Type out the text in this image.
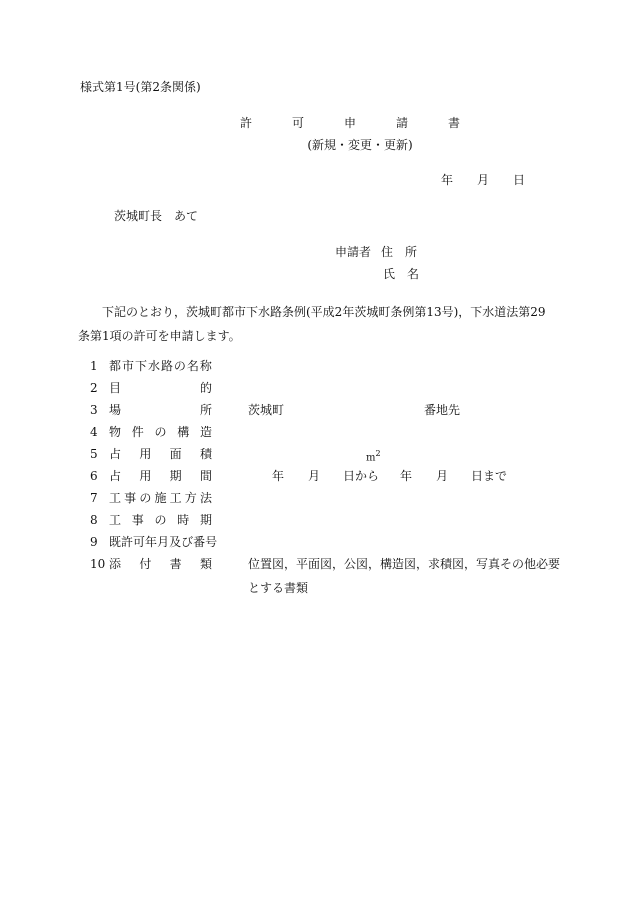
様式第1号(第2条関係)
許	可	申	請	書
(新規・変更・更新)
年 月 日
茨城町長　あて
申請者 住 所
氏 名
下記のとおり，茨城町都市下水路条例(平成2年茨城町条例第13号)，下水道法第29条第1項の許可を申請します。
1 都 市 下 水 路 の 名 称
2 目	的
3 場	所	茨城町	番地先
4 物 件 の 構 造
5 占 用 面 積	$m^2$
6 占 用 期 間	年 月 日から 年 月 日まで
7 工 事 の 施 工 方 法
8 工 事 の 時 期
9 既 許 可 年 月 及 び 番 号
10 添 付 書 類	位置図，平面図，公図，構造図，求積図，写真その他必要
とする書類
